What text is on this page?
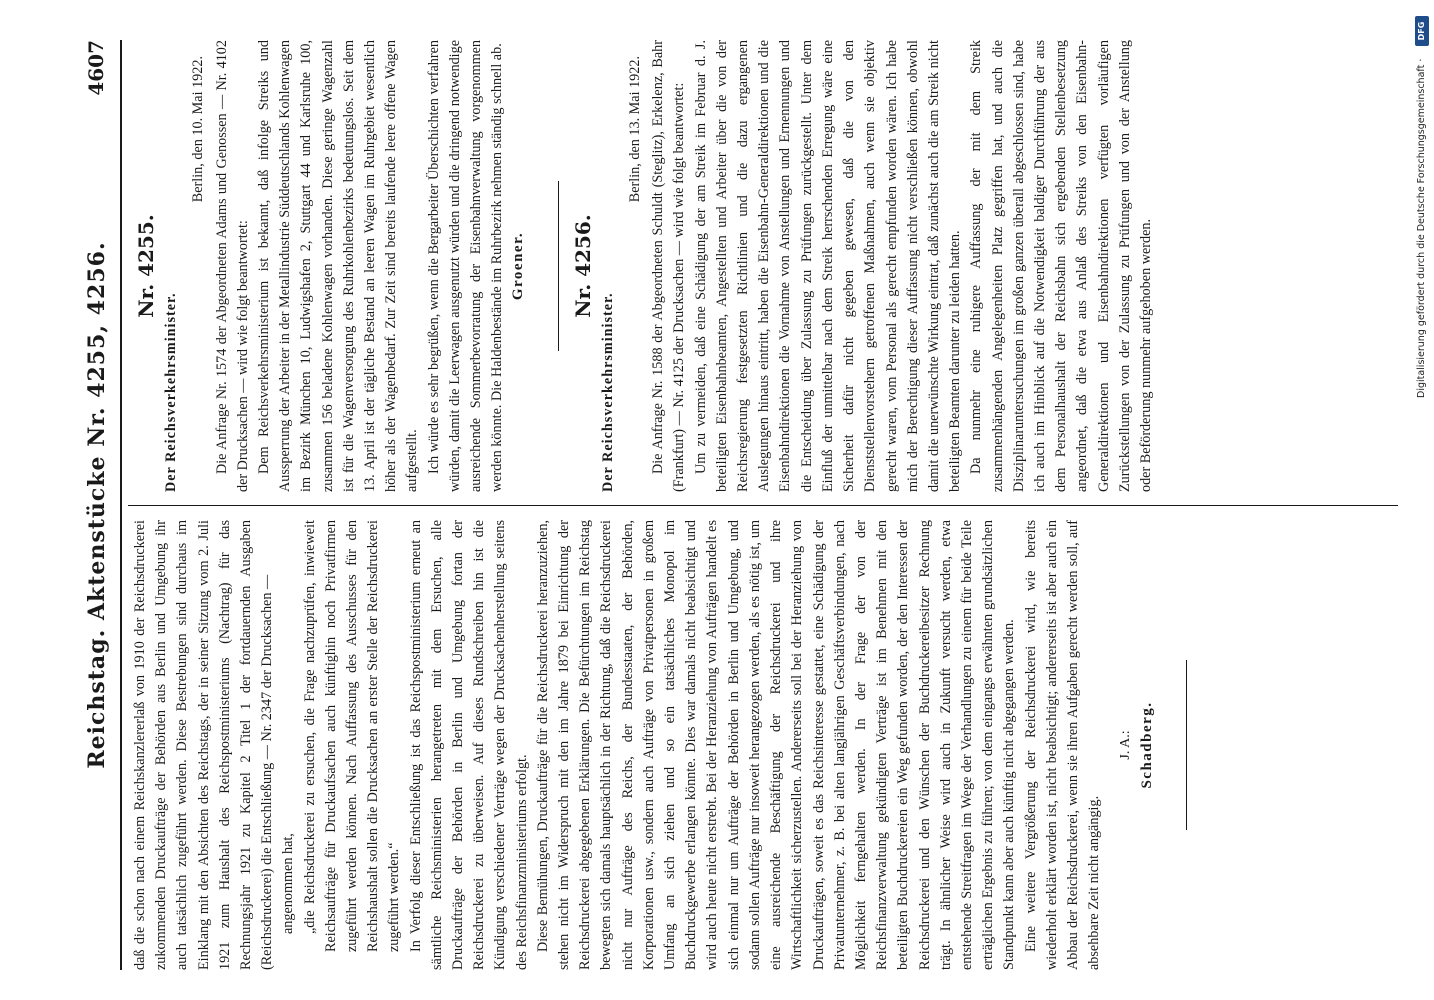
Reichstag. Aktenstücke Nr. 4255, 4256.
4607

daß die schon nach einem Reichskanzlererlaß von 1910 der Reichsdruckerei zukommenden Druckaufträge der Behörden aus Berlin und Umgebung ihr auch tatsächlich zugeführt werden. Diese Bestrebungen sind durchaus im Einklang mit den Absichten des Reichstags, der in seiner Sitzung vom 2. Juli 1921 zum Haushalt des Reichspostministeriums (Nachtrag) für das Rechnungsjahr 1921 zu Kapitel 2 Titel 1 der fortdauernden Ausgaben (Reichsdruckerei) die Entschließung — Nr. 2347 der Drucksachen — angenommen hat, „die Reichsdruckerei zu ersuchen, die Frage nachzuprüfen, inwieweit Reichsaufträge für Druckaufsachen auch künftighin noch Privatfirmen zugeführt werden können. Nach Auffassung des Ausschusses für den Reichshaushalt sollen die Drucksachen an erster Stelle der Reichsdruckerei zugeführt werden.“ In Verfolg dieser Entschließung ist das Reichspostministerium erneut an sämtliche Reichsministerien herangetreten mit dem Ersuchen, alle Druckaufträge der Behörden in Berlin und Umgebung fortan der Reichsdruckerei zu überweisen. Auf dieses Rundschreiben hin ist die Kündigung verschiedener Verträge wegen der Drucksachenherstellung seitens des Reichsfinanzministeriums erfolgt. Diese Bemühungen, Druckaufträge für die Reichsdruckerei heranzuziehen, stehen nicht im Widerspruch mit den im Jahre 1879 bei Einrichtung der Reichsdruckerei abgegebenen Erklärungen. Die Befürchtungen im Reichstag bewegten sich damals hauptsächlich in der Richtung, daß die Reichsdruckerei nicht nur Aufträge des Reichs, der Bundesstaaten, der Behörden, Korporationen usw., sondern auch Aufträge von Privatpersonen in großem Umfang an sich ziehen und so ein tatsächliches Monopol im Buchdruckgewerbe erlangen könnte. Dies war damals nicht beabsichtigt und wird auch heute nicht erstrebt. Bei der Heranziehung von Aufträgen handelt es sich einmal nur um Aufträge der Behörden in Berlin und Umgebung, und sodann sollen Aufträge nur insoweit herangezogen werden, als es nötig ist, um eine ausreichende Beschäftigung der Reichsdruckerei und ihre Wirtschaftlichkeit sicherzustellen. Andererseits soll bei der Heranziehung von Druckaufträgen, soweit es das Reichsinteresse gestattet, eine Schädigung der Privatunternehmer, z. B. bei alten langjährigen Geschäftsverbindungen, nach Möglichkeit ferngehalten werden. In der Frage der von der Reichsfinanzverwaltung gekündigten Verträge ist im Benehmen mit den beteiligten Buchdruckereien ein Weg gefunden worden, der den Interessen der Reichsdruckerei und den Wünschen der Buchdruckereibesitzer Rechnung trägt. In ähnlicher Weise wird auch in Zukunft versucht werden, etwa entstehende Streitfragen im Wege der Verhandlungen zu einem für beide Teile erträglichen Ergebnis zu führen; von dem eingangs erwähnten grundsätzlichen Standpunkt kann aber auch künftig nicht abgegangen werden. Eine weitere Vergrößerung der Reichsdruckerei wird, wie bereits wiederholt erklärt worden ist, nicht beabsichtigt; andererseits ist aber auch ein Abbau der Reichsdruckerei, wenn sie ihren Aufgaben gerecht werden soll, auf absehbare Zeit nicht angängig.

J. A.: Schadberg.
Nr. 4255.

Der Reichsverkehrsminister.

Berlin, den 10. Mai 1922. Die Anfrage Nr. 1574 der Abgeordneten Adams und Genossen — Nr. 4102 der Drucksachen — wird wie folgt beantwortet: Dem Reichsverkehrsministerium ist bekannt, daß infolge Streiks und Aussperrung der Arbeiter in der Metallindustrie Süddeutschlands Kohlenwagen im Bezirk München 10, Ludwigshafen 2, Stuttgart 44 und Karlsruhe 100, zusammen 156 beladene Kohlenwagen vorhanden. Diese geringe Wagenzahl ist für die Wagenversorgung des Ruhrkohlenbezirks bedeutungslos. Seit dem 13. April ist der tägliche Bestand an leeren Wagen im Ruhrgebiet wesentlich höher als der Wagenbedarf. Zur Zeit sind bereits laufende leere offene Wagen aufgestellt. Ich würde es sehr begrüßen, wenn die Bergarbeiter Überschichten verfahren würden, damit die Leerwagen ausgenutzt würden und die dringend notwendige ausreichende Sommerbevorratung der Eisenbahnverwaltung vorgenommen werden könnte. Die Haldenbestände im Ruhrbezirk nehmen ständig schnell ab. Groener. Nr. 4256.

Der Reichsverkehrsminister.

Berlin, den 13. Mai 1922. Die Anfrage Nr. 1588 der Abgeordneten Schuldt (Steglitz), Erkelenz, Bahr (Frankfurt) — Nr. 4125 der Drucksachen — wird wie folgt beantwortet: Um zu vermeiden, daß eine Schädigung der am Streik im Februar d. J. beteiligten Eisenbahnbeamten, Angestellten und Arbeiter über die von der Reichsregierung festgesetzten Richtlinien und die dazu ergangenen Auslegungen hinaus eintritt, haben die Eisenbahn-Generaldirektionen und die Eisenbahndirektionen die Vornahme von Anstellungen und Ernennungen und die Entscheidung über Zulassung zu Prüfungen zurückgestellt. Unter dem Einfluß der unmittelbar nach dem Streik herrschenden Erregung wäre eine Sicherheit dafür nicht gegeben gewesen, daß die von den Dienststellenvorstehern getroffenen Maßnahmen, auch wenn sie objektiv gerecht waren, vom Personal als gerecht empfunden worden wären. Ich habe mich der Berechtigung dieser Auffassung nicht verschließen können, obwohl damit die unerwünschte Wirkung eintrat, daß zunächst auch die am Streik nicht beteiligten Beamten darunter zu leiden hatten. Da nunmehr eine ruhigere Auffassung der mit dem Streik zusammenhängenden Angelegenheiten Platz gegriffen hat, und auch die Disziplinaruntersuchungen im großen ganzen überall abgeschlossen sind, habe ich auch im Hinblick auf die Notwendigkeit baldiger Durchführung der aus dem Personalhaushalt der Reichsbahn sich ergebenden Stellenbesetzung angeordnet, daß die etwa aus Anlaß des Streiks von den Eisenbahn-Generaldirektionen und Eisenbahndirektionen verfügten vorläufigen Zurückstellungen von der Zulassung zu Prüfungen und von der Anstellung oder Beförderung nunmehr aufgehoben werden.

DFG
Digitalisierung gefördert durch die Deutsche Forschungsgemeinschaft ·
